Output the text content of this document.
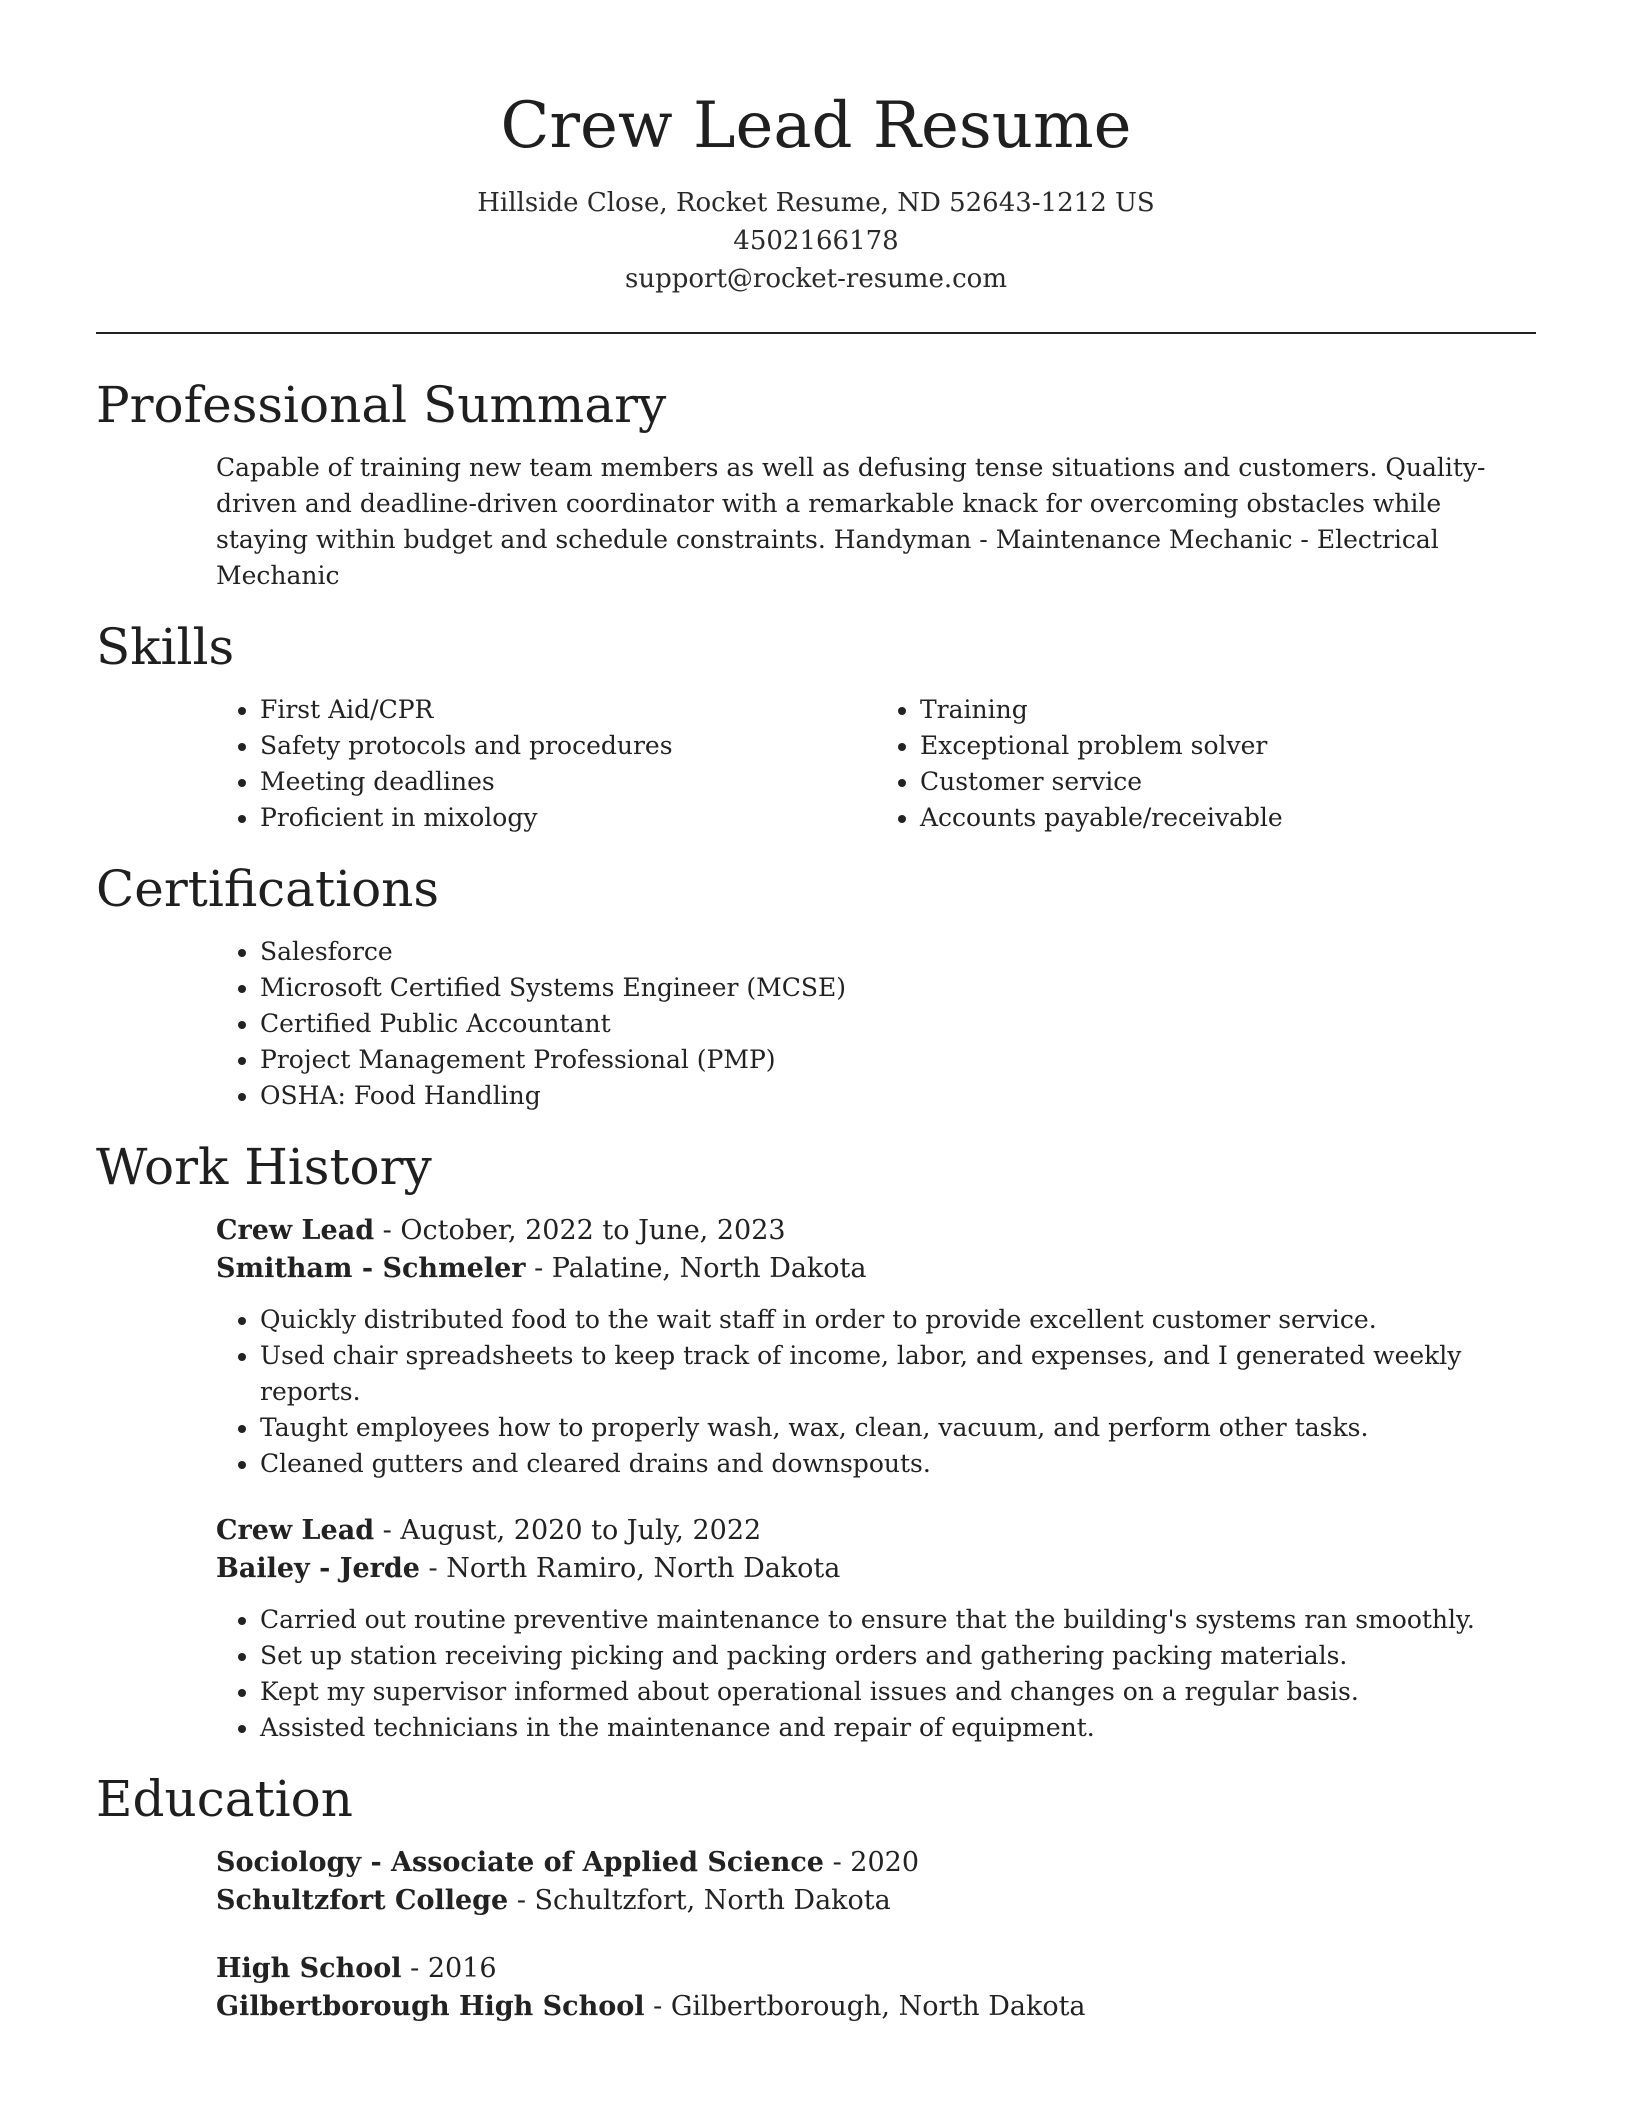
Crew Lead Resume
Hillside Close, Rocket Resume, ND 52643-1212 US
4502166178
support@rocket-resume.com
Professional Summary
Capable of training new team members as well as defusing tense situations and customers. Quality-driven and deadline-driven coordinator with a remarkable knack for overcoming obstacles while staying within budget and schedule constraints. Handyman - Maintenance Mechanic - Electrical Mechanic
Skills
• First Aid/CPR
• Safety protocols and procedures
• Meeting deadlines
• Proficient in mixology
• Training
• Exceptional problem solver
• Customer service
• Accounts payable/receivable
Certifications
• Salesforce
• Microsoft Certified Systems Engineer (MCSE)
• Certified Public Accountant
• Project Management Professional (PMP)
• OSHA: Food Handling
Work History
Crew Lead - October, 2022 to June, 2023
Smitham - Schmeler - Palatine, North Dakota
• Quickly distributed food to the wait staff in order to provide excellent customer service.
• Used chair spreadsheets to keep track of income, labor, and expenses, and I generated weekly reports.
• Taught employees how to properly wash, wax, clean, vacuum, and perform other tasks.
• Cleaned gutters and cleared drains and downspouts.
Crew Lead - August, 2020 to July, 2022
Bailey - Jerde - North Ramiro, North Dakota
• Carried out routine preventive maintenance to ensure that the building's systems ran smoothly.
• Set up station receiving picking and packing orders and gathering packing materials.
• Kept my supervisor informed about operational issues and changes on a regular basis.
• Assisted technicians in the maintenance and repair of equipment.
Education
Sociology - Associate of Applied Science - 2020
Schultzfort College - Schultzfort, North Dakota
High School - 2016
Gilbertborough High School - Gilbertborough, North Dakota
